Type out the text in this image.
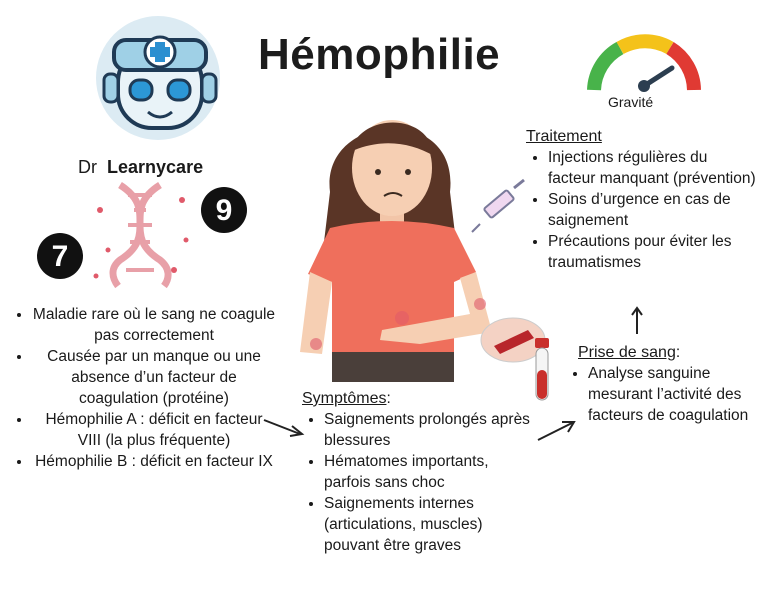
Hémophilie
Dr Learnycare
Gravité
9
7
• Maladie rare où le sang ne coagule pas correctement
• Causée par un manque ou une absence d’un facteur de coagulation (protéine)
• Hémophilie A : déficit en facteur VIII (la plus fréquente)
• Hémophilie B : déficit en facteur IX
Symptômes:
• Saignements prolongés après blessures
• Hématomes importants, parfois sans choc
• Saignements internes (articulations, muscles) pouvant être graves
Traitement
• Injections régulières du facteur manquant (prévention)
• Soins d’urgence en cas de saignement
• Précautions pour éviter les traumatismes
Prise de sang:
• Analyse sanguine mesurant l’activité des facteurs de coagulation
